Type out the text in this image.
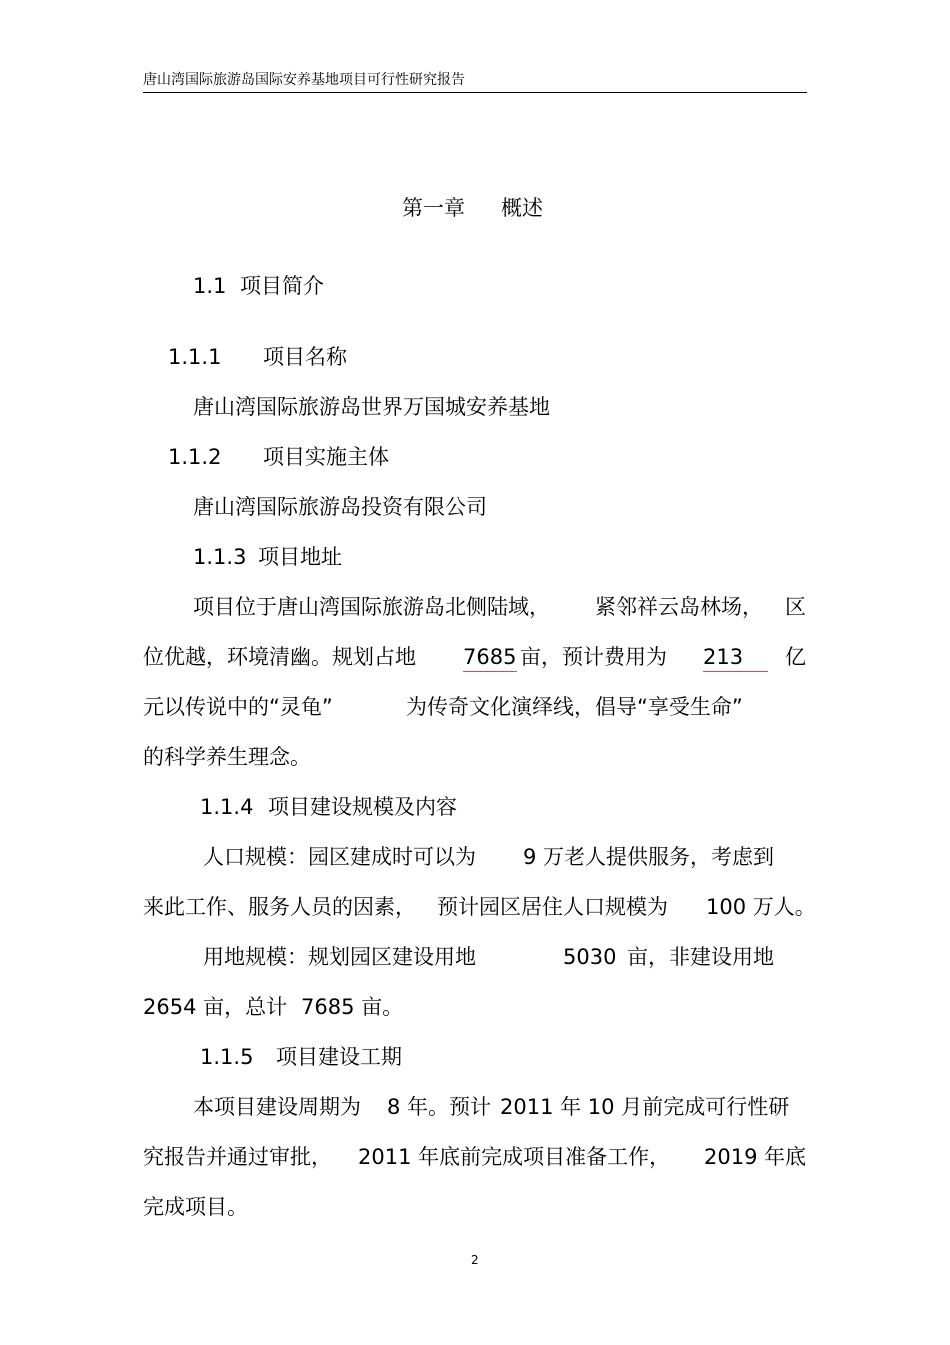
唐山湾国际旅游岛国际安养基地项目可行性研究报告
第一章 概述
1.1 项目简介
1.1.1 项目名称
唐山湾国际旅游岛世界万国城安养基地
1.1.2 项目实施主体
唐山湾国际旅游岛投资有限公司
1.1.3 项目地址
项目位于唐山湾国际旅游岛北侧陆域， 紧邻祥云岛林场， 区
位优越，环境清幽。规划占地 7685 亩，预计费用为 213	亿
元以传说中的“灵龟”	为传奇文化演绎线，倡导“享受生命”
的科学养生理念。
1.1.4 项目建设规模及内容
人口规模：园区建成时可以为 9 万老人提供服务，考虑到
来此工作、服务人员的因素， 预计园区居住人口规模为 100 万人。
用地规模：规划园区建设用地	5030 亩，非建设用地
2654 亩，总计 7685 亩。
1.1.5 项目建设工期
本项目建设周期为 8 年。预计 2011 年 10 月前完成可行性研
究报告并通过审批， 2011 年底前完成项目准备工作， 2019 年底
完成项目。
2
